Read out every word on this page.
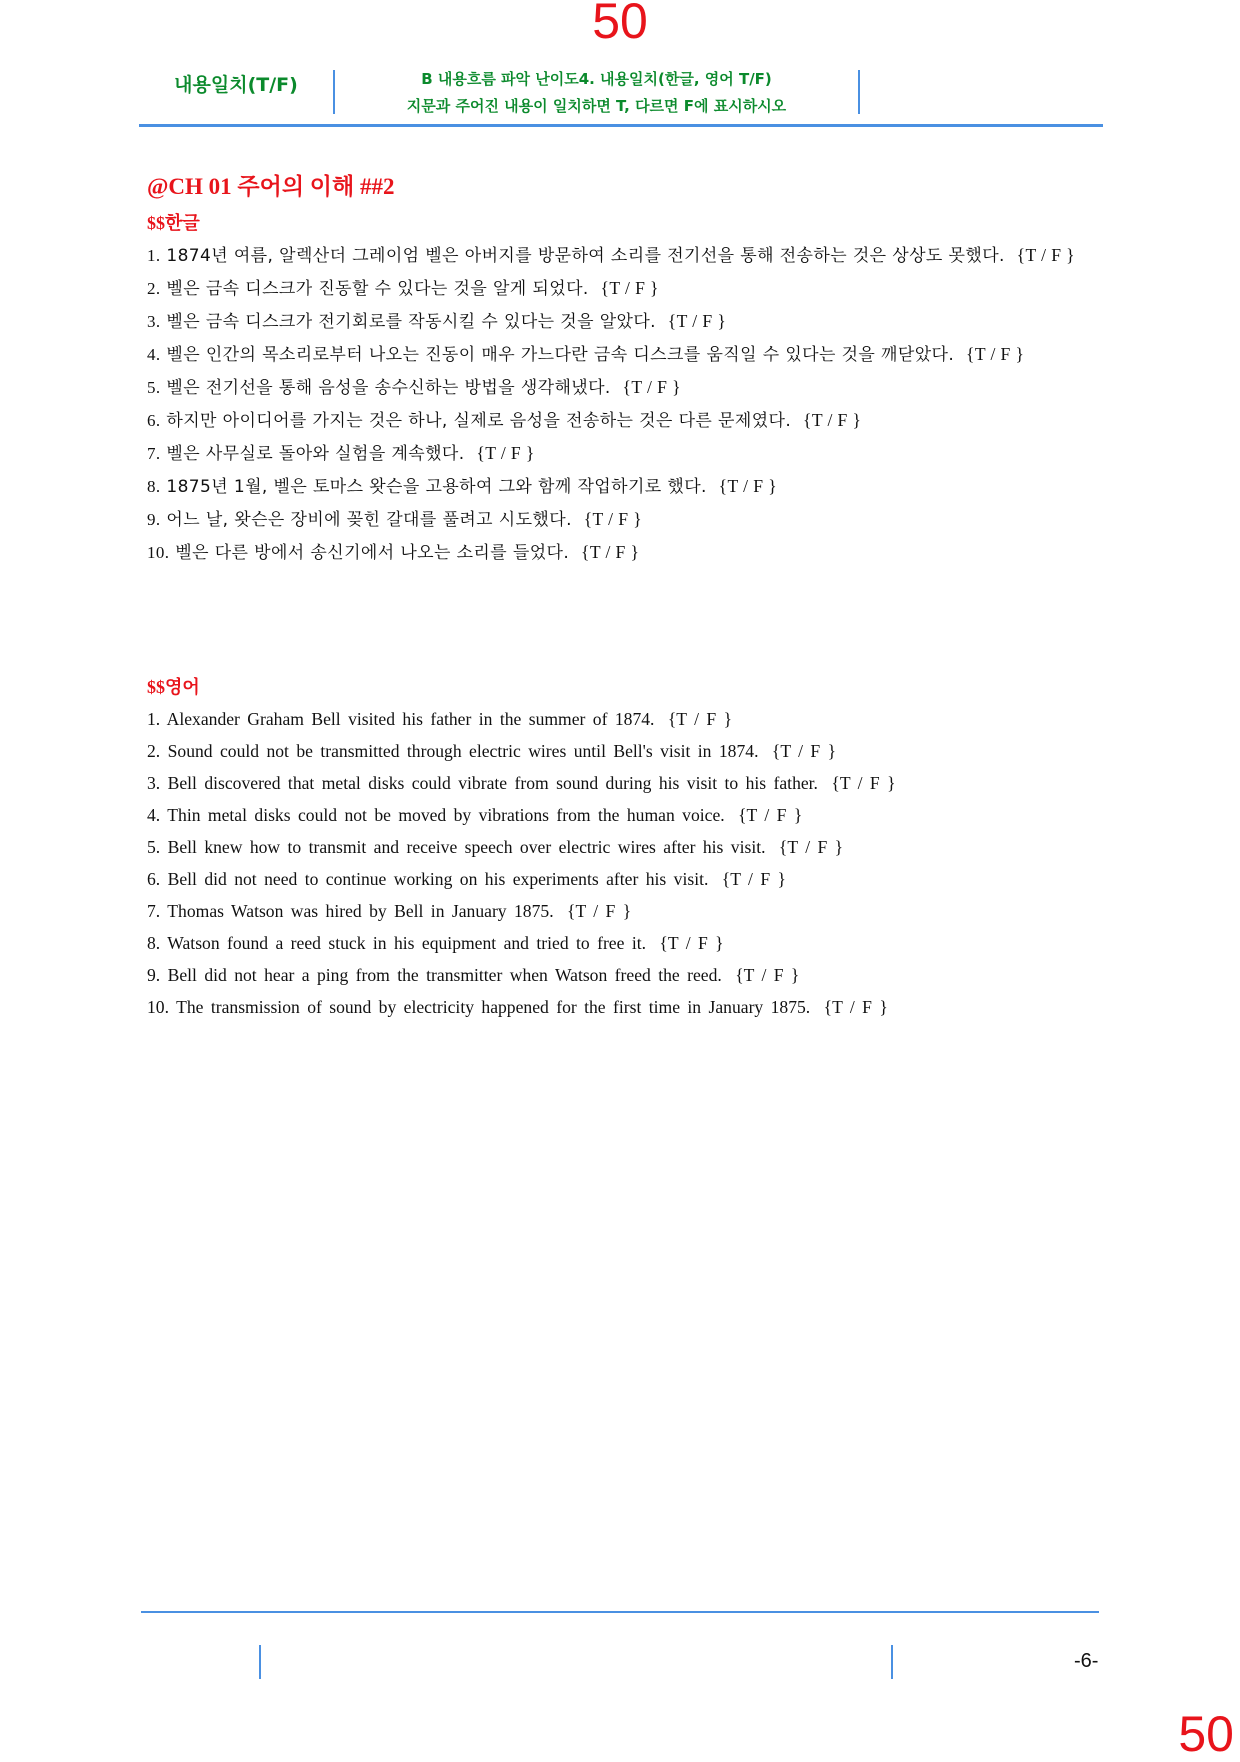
50
내용일치(T/F)	B 내용흐름 파악 난이도4. 내용일치(한글, 영어 T/F)
지문과 주어진 내용이 일치하면 T, 다르면 F에 표시하시오
@CH 01 주어의 이해 ##2
$$한글
1. 1874년 여름, 알렉산더 그레이엄 벨은 아버지를 방문하여 소리를 전기선을 통해 전송하는 것은 상상도 못했다. {T / F }
2. 벨은 금속 디스크가 진동할 수 있다는 것을 알게 되었다. {T / F }
3. 벨은 금속 디스크가 전기회로를 작동시킬 수 있다는 것을 알았다. {T / F }
4. 벨은 인간의 목소리로부터 나오는 진동이 매우 가느다란 금속 디스크를 움직일 수 있다는 것을 깨닫았다. {T / F }
5. 벨은 전기선을 통해 음성을 송수신하는 방법을 생각해냈다. {T / F }
6. 하지만 아이디어를 가지는 것은 하나, 실제로 음성을 전송하는 것은 다른 문제였다. {T / F }
7. 벨은 사무실로 돌아와 실험을 계속했다. {T / F }
8. 1875년 1월, 벨은 토마스 왓슨을 고용하여 그와 함께 작업하기로 했다. {T / F }
9. 어느 날, 왓슨은 장비에 꽂힌 갈대를 풀려고 시도했다. {T / F }
10. 벨은 다른 방에서 송신기에서 나오는 소리를 들었다. {T / F }
$$영어
1. Alexander Graham Bell visited his father in the summer of 1874. {T / F }
2. Sound could not be transmitted through electric wires until Bell's visit in 1874. {T / F }
3. Bell discovered that metal disks could vibrate from sound during his visit to his father. {T / F }
4. Thin metal disks could not be moved by vibrations from the human voice. {T / F }
5. Bell knew how to transmit and receive speech over electric wires after his visit. {T / F }
6. Bell did not need to continue working on his experiments after his visit. {T / F }
7. Thomas Watson was hired by Bell in January 1875. {T / F }
8. Watson found a reed stuck in his equipment and tried to free it. {T / F }
9. Bell did not hear a ping from the transmitter when Watson freed the reed. {T / F }
10. The transmission of sound by electricity happened for the first time in January 1875. {T / F }
-6-
50
